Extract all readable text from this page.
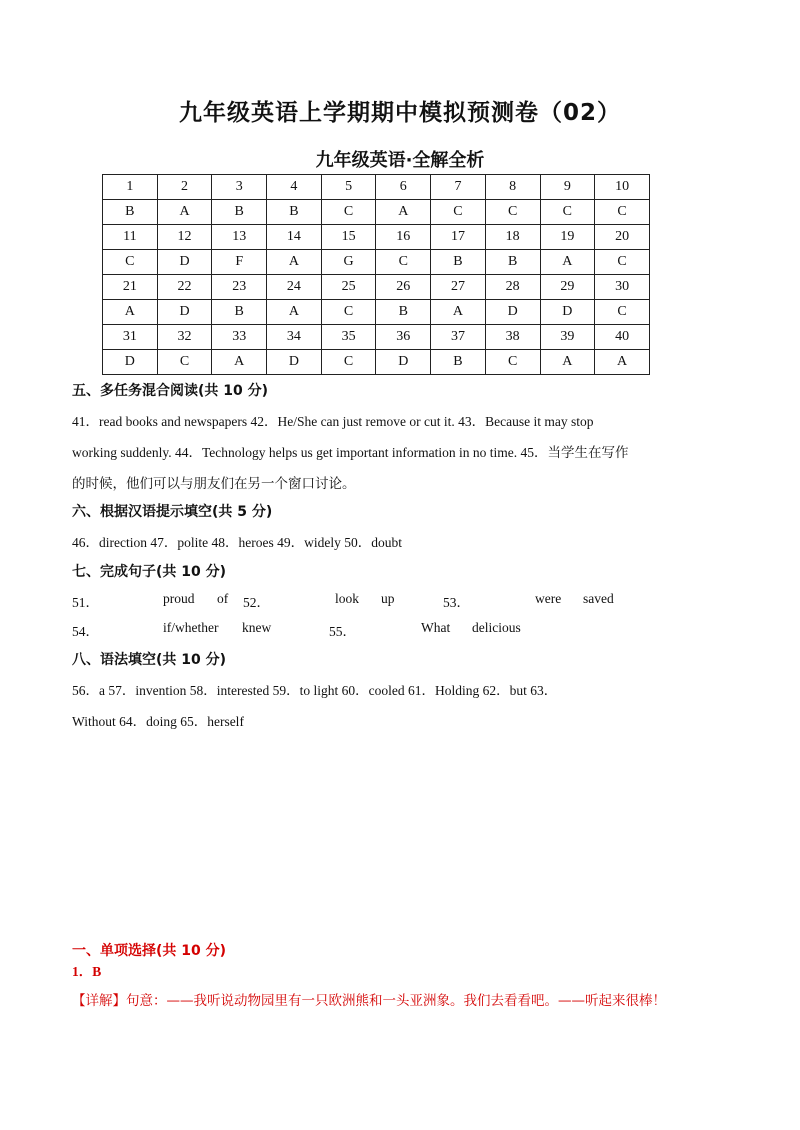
九年级英语上学期期中模拟预测卷（02）
九年级英语·全解全析
1	2	3	4	5	6	7	8	9	10
B	A	B	B	C	A	C	C	C	C
11	12	13	14	15	16	17	18	19	20
C	D	F	A	G	C	B	B	A	C
21	22	23	24	25	26	27	28	29	30
A	D	B	A	C	B	A	D	D	C
31	32	33	34	35	36	37	38	39	40
D	C	A	D	C	D	B	C	A	A
五、多任务混合阅读(共 10 分)
41．read books and newspapers 42．He/She can just remove or cut it. 43．Because it may stop
working suddenly. 44．Technology helps us get important information in no time. 45．当学生在写作
的时候，他们可以与朋友们在另一个窗口讨论。
六、根据汉语提示填空(共 5 分)
46．direction 47．polite 48．heroes 49．widely 50．doubt
七、完成句子(共 10 分)
51．	proud of 52．	look up	53．	were saved
54．	if/whether knew	55．	What delicious
八、语法填空(共 10 分)
56．a 57．invention 58．interested 59．to light 60．cooled 61．Holding 62．but 63．
Without 64．doing 65．herself
一、单项选择(共 10 分)
1．B
【详解】句意：——我听说动物园里有一只欧洲熊和一头亚洲象。我们去看看吧。——听起来很棒！
